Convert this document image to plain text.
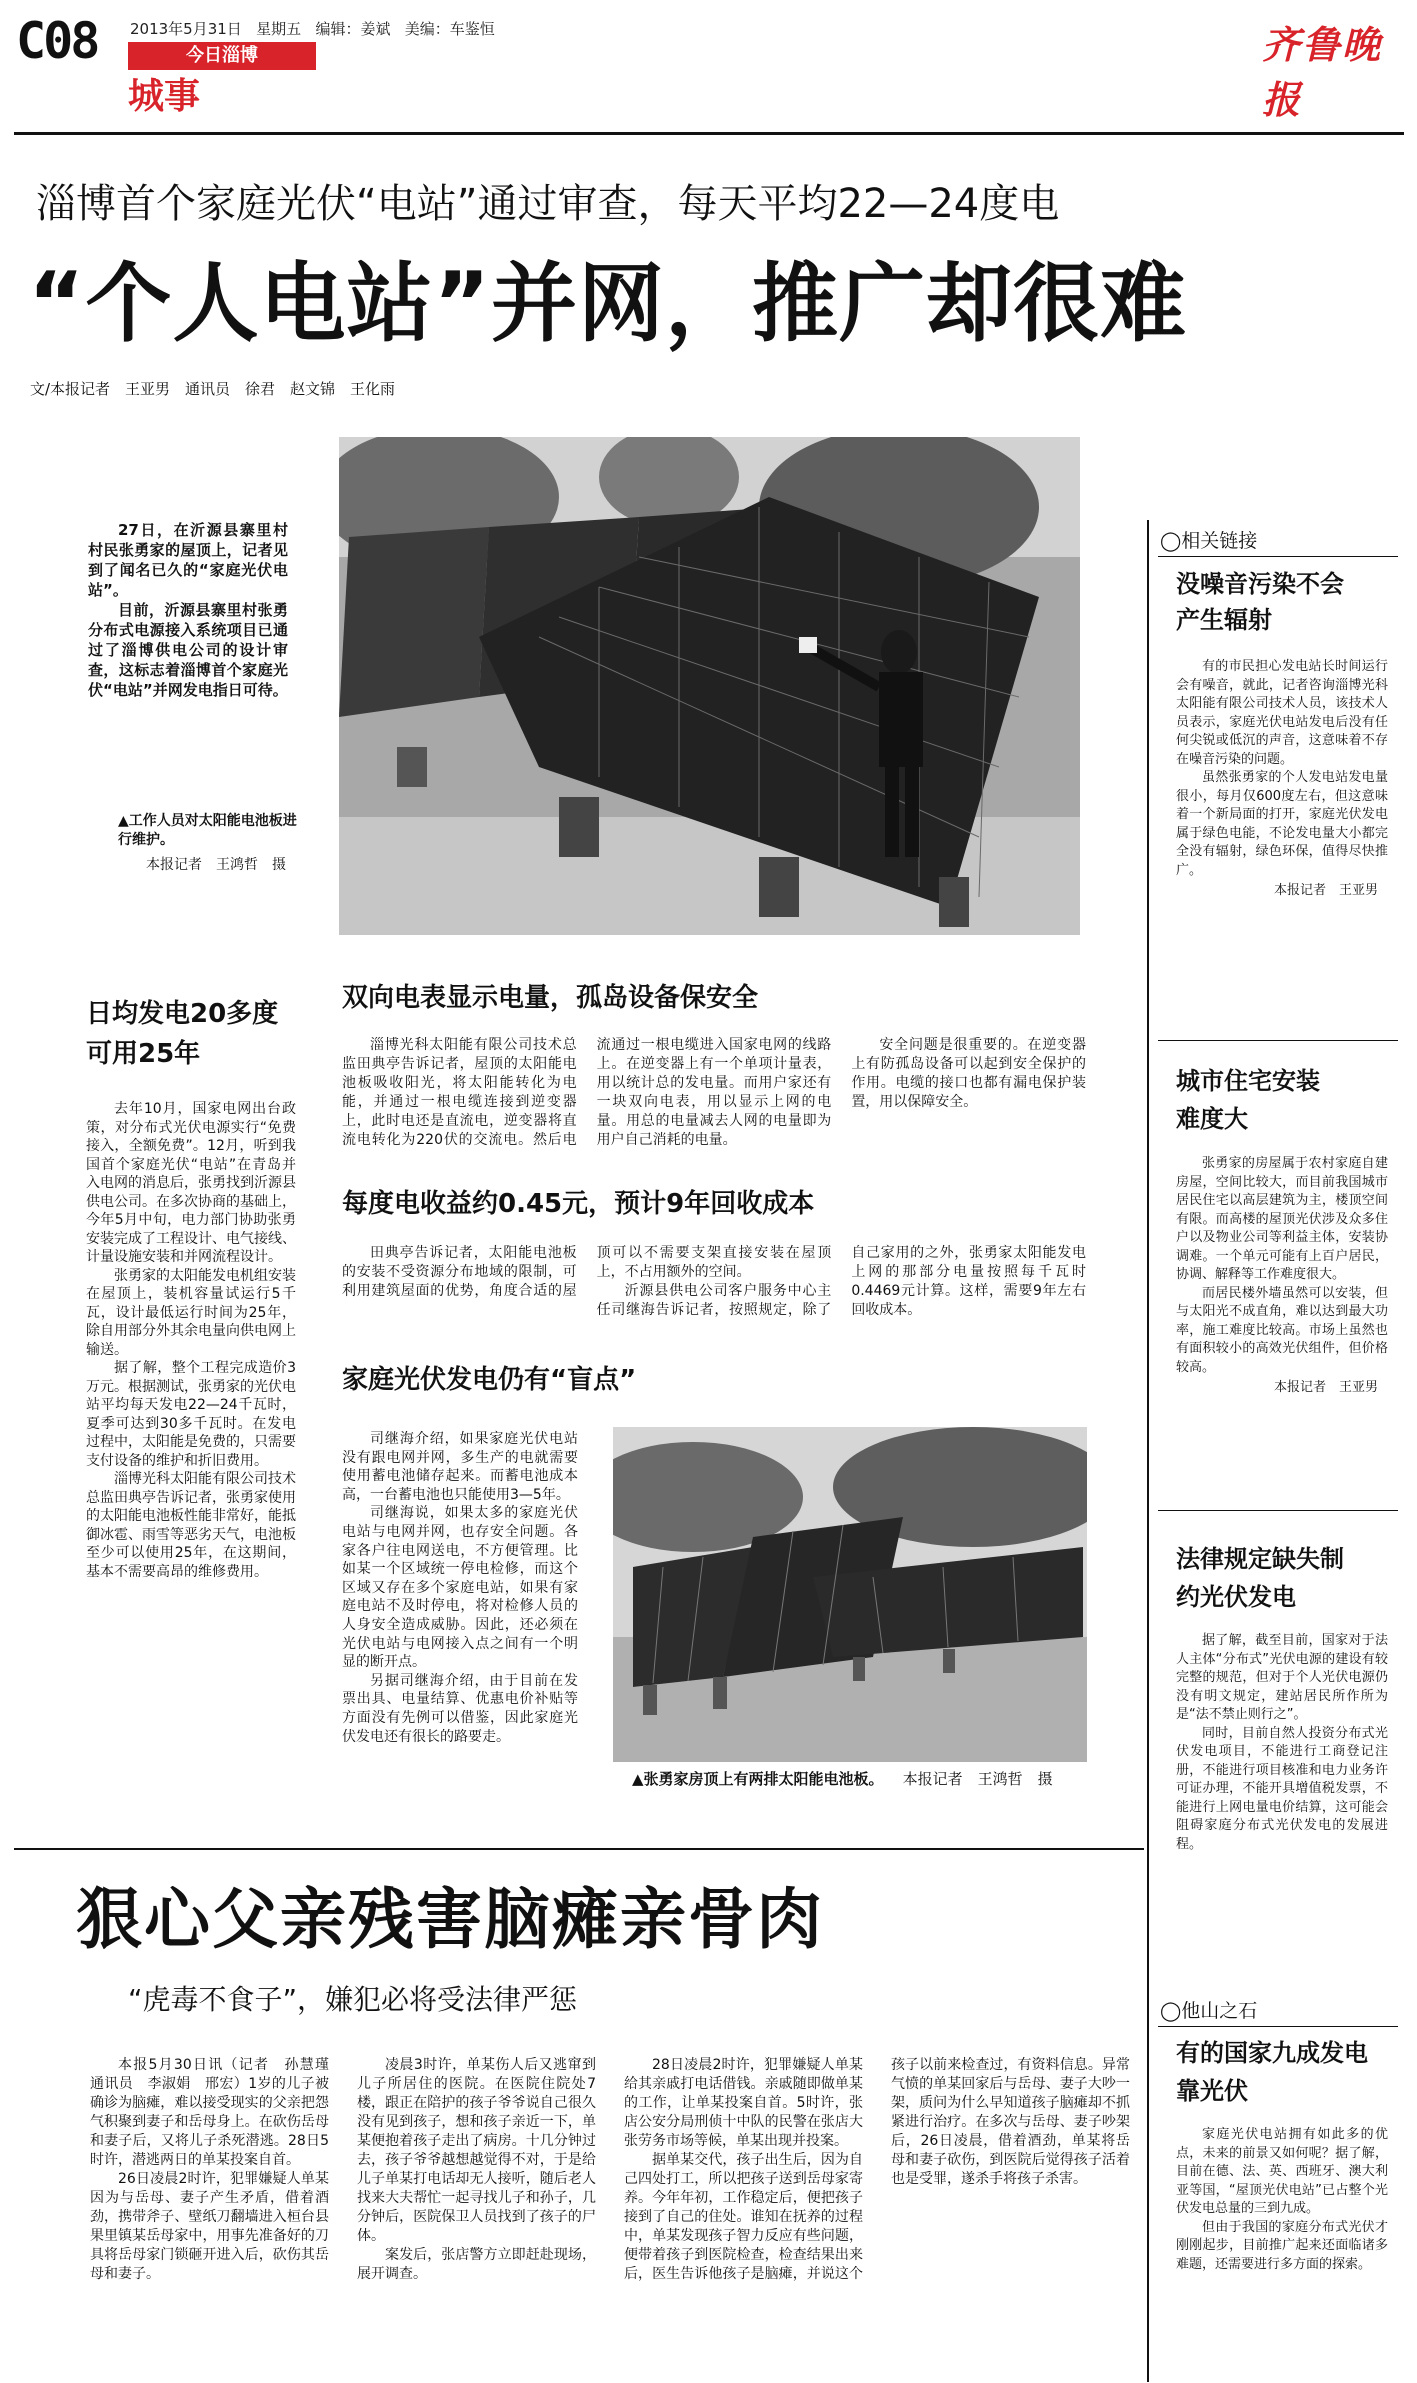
C08 2013年5月31日 星期五 编辑：姜斌 美编：车鉴恒
今日淄博
城事
齐鲁晚报
淄博首个家庭光伏“电站”通过审查，每天平均22—24度电
“个人电站”并网，推广却很难
文/本报记者　王亚男　通讯员　徐君　赵文锦　王化雨

27日，在沂源县寨里村村民张勇家的屋顶上，记者见到了闻名已久的“家庭光伏电站”。

目前，沂源县寨里村张勇分布式电源接入系统项目已通过了淄博供电公司的设计审查，这标志着淄博首个家庭光伏“电站”并网发电指日可待。

▲工作人员对太阳能电池板进行维护。
本报记者　王鸿哲　摄
日均发电20多度可用25年

去年10月，国家电网出台政策，对分布式光伏电源实行“免费接入，全额免费”。12月，听到我国首个家庭光伏“电站”在青岛并入电网的消息后，张勇找到沂源县供电公司。在多次协商的基础上，今年5月中旬，电力部门协助张勇安装完成了工程设计、电气接线、计量设施安装和并网流程设计。

张勇家的太阳能发电机组安装在屋顶上，装机容量试运行5千瓦，设计最低运行时间为25年，除自用部分外其余电量向供电网上输送。

据了解，整个工程完成造价3万元。根据测试，张勇家的光伏电站平均每天发电22—24千瓦时，夏季可达到30多千瓦时。在发电过程中，太阳能是免费的，只需要支付设备的维护和折旧费用。

淄博光科太阳能有限公司技术总监田典亭告诉记者，张勇家使用的太阳能电池板性能非常好，能抵御冰雹、雨雪等恶劣天气，电池板至少可以使用25年，在这期间，基本不需要高昂的维修费用。

双向电表显示电量，孤岛设备保安全

淄博光科太阳能有限公司技术总监田典亭告诉记者，屋顶的太阳能电池板吸收阳光，将太阳能转化为电能，并通过一根电缆连接到逆变器上，此时电还是直流电，逆变器将直流电转化为220伏的交流电。然后电流通过一根电缆进入国家电网的线路上。在逆变器上有一个单项计量表，用以统计总的发电量。而用户家还有一块双向电表，用以显示上网的电量。用总的电量减去人网的电量即为用户自己消耗的电量。

安全问题是很重要的。在逆变器上有防孤岛设备可以起到安全保护的作用。电缆的接口也都有漏电保护装置，用以保障安全。

每度电收益约0.45元，预计9年回收成本

田典亭告诉记者，太阳能电池板的安装不受资源分布地域的限制，可利用建筑屋面的优势，角度合适的屋顶可以不需要支架直接安装在屋顶上，不占用额外的空间。

沂源县供电公司客户服务中心主任司继海告诉记者，按照规定，除了自己家用的之外，张勇家太阳能发电上网的那部分电量按照每千瓦时0.4469元计算。这样，需要9年左右回收成本。

家庭光伏发电仍有“盲点”

司继海介绍，如果家庭光伏电站没有跟电网并网，多生产的电就需要使用蓄电池储存起来。而蓄电池成本高，一台蓄电池也只能使用3—5年。

司继海说，如果太多的家庭光伏电站与电网并网，也存安全问题。各家各户往电网送电，不方便管理。比如某一个区域统一停电检修，而这个区域又存在多个家庭电站，如果有家庭电站不及时停电，将对检修人员的人身安全造成威胁。因此，还必须在光伏电站与电网接入点之间有一个明显的断开点。

另据司继海介绍，由于目前在发票出具、电量结算、优惠电价补贴等方面没有先例可以借鉴，因此家庭光伏发电还有很长的路要走。

▲张勇家房顶上有两排太阳能电池板。 本报记者　王鸿哲　摄
◯相关链接
没噪音污染不会产生辐射

有的市民担心发电站长时间运行会有噪音，就此，记者咨询淄博光科太阳能有限公司技术人员，该技术人员表示，家庭光伏电站发电后没有任何尖锐或低沉的声音，这意味着不存在噪音污染的问题。

虽然张勇家的个人发电站发电量很小，每月仅600度左右，但这意味着一个新局面的打开，家庭光伏发电属于绿色电能，不论发电量大小都完全没有辐射，绿色环保，值得尽快推广。

本报记者　王亚男

城市住宅安装难度大

张勇家的房屋属于农村家庭自建房屋，空间比较大，而目前我国城市居民住宅以高层建筑为主，楼顶空间有限。而高楼的屋顶光伏涉及众多住户以及物业公司等利益主体，安装协调难。一个单元可能有上百户居民，协调、解释等工作难度很大。

而居民楼外墙虽然可以安装，但与太阳光不成直角，难以达到最大功率，施工难度比较高。市场上虽然也有面积较小的高效光伏组件，但价格较高。

本报记者　王亚男

法律规定缺失制约光伏发电

据了解，截至目前，国家对于法人主体“分布式”光伏电源的建设有较完整的规范，但对于个人光伏电源仍没有明文规定，建站居民所作所为是“法不禁止则行之”。

同时，目前自然人投资分布式光伏发电项目，不能进行工商登记注册，不能进行项目核准和电力业务许可证办理，不能开具增值税发票，不能进行上网电量电价结算，这可能会阻碍家庭分布式光伏发电的发展进程。

◯他山之石
有的国家九成发电靠光伏

家庭光伏电站拥有如此多的优点，未来的前景又如何呢？据了解，目前在德、法、英、西班牙、澳大利亚等国，“屋顶光伏电站”已占整个光伏发电总量的三到九成。

但由于我国的家庭分布式光伏才刚刚起步，目前推广起来还面临诸多难题，还需要进行多方面的探索。

狠心父亲残害脑瘫亲骨肉
“虎毒不食子”，嫌犯必将受法律严惩

本报5月30日讯（记者　孙慧瑾　通讯员　李淑娟　邢宏）1岁的儿子被确诊为脑瘫，难以接受现实的父亲把怨气积聚到妻子和岳母身上。在砍伤岳母和妻子后，又将儿子杀死潜逃。28日5时许，潜逃两日的单某投案自首。

26日凌晨2时许，犯罪嫌疑人单某因为与岳母、妻子产生矛盾，借着酒劲，携带斧子、壁纸刀翻墙进入桓台县果里镇某岳母家中，用事先准备好的刀具将岳母家门锁砸开进入后，砍伤其岳母和妻子。

凌晨3时许，单某伤人后又逃窜到儿子所居住的医院。在医院住院处7楼，跟正在陪护的孩子爷爷说自己很久没有见到孩子，想和孩子亲近一下，单某便抱着孩子走出了病房。十几分钟过去，孩子爷爷越想越觉得不对，于是给儿子单某打电话却无人接听，随后老人找来大夫帮忙一起寻找儿子和孙子，几分钟后，医院保卫人员找到了孩子的尸体。

案发后，张店警方立即赶赴现场，展开调查。

28日凌晨2时许，犯罪嫌疑人单某给其亲戚打电话借钱。亲戚随即做单某的工作，让单某投案自首。5时许，张店公安分局刑侦十中队的民警在张店大张劳务市场等候，单某出现并投案。

据单某交代，孩子出生后，因为自己四处打工，所以把孩子送到岳母家寄养。今年年初，工作稳定后，便把孩子接到了自己的住处。谁知在抚养的过程中，单某发现孩子智力反应有些问题，便带着孩子到医院检查，检查结果出来后，医生告诉他孩子是脑瘫，并说这个孩子以前来检查过，有资料信息。异常气愤的单某回家后与岳母、妻子大吵一架，质问为什么早知道孩子脑瘫却不抓紧进行治疗。在多次与岳母、妻子吵架后，26日凌晨，借着酒劲，单某将岳母和妻子砍伤，到医院后觉得孩子活着也是受罪，遂杀手将孩子杀害。
